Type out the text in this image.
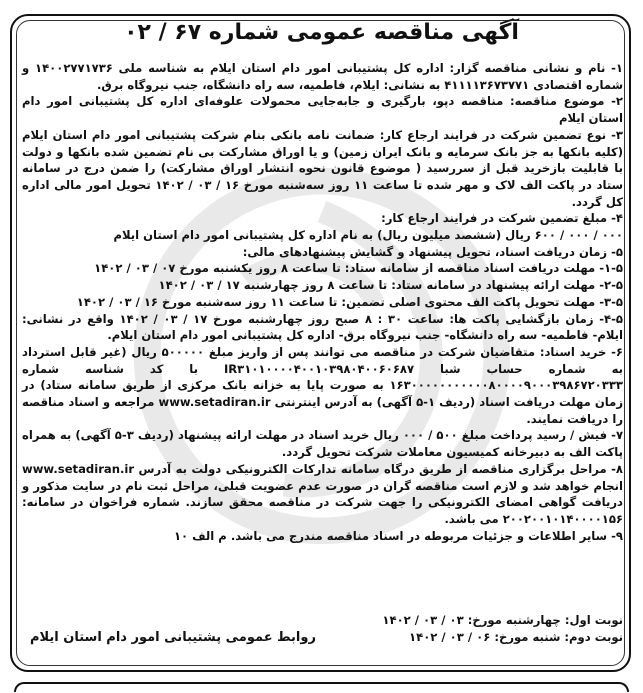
آگهی مناقصه عمومی شماره ۶۷ / ۰۲

۱- نام و نشانی مناقصه گزار: اداره کل پشتیبانی امور دام استان ایلام به شناسه ملی ۱۴۰۰۲۷۷۱۷۳۶ و شماره اقتصادی ۴۱۱۱۱۳۶۷۳۷۷۱ به نشانی: ایلام، فاطمیه، سه راه دانشگاه، جنب نیروگاه برق.

۲- موضوع مناقصه: مناقصه دپو، بارگیری و جابه‌جایی محمولات علوفه‌ای اداره کل پشتیبانی امور دام استان ایلام

۳- نوع تضمین شرکت در فرایند ارجاع کار: ضمانت نامه بانکی بنام شرکت پشتیبانی امور دام استان ایلام (کلیه بانکها به جز بانک سرمایه و بانک ایران زمین) و یا اوراق مشارکت بی نام تضمین شده بانکها و دولت با قابلیت بازخرید قبل از سررسید ( موضوع قانون نحوه انتشار اوراق مشارکت) را ضمن درج در سامانه ستاد در پاکت الف لاک و مهر شده تا ساعت ۱۱ روز سه‌شنبه مورخ ۱۶ / ۰۳ / ۱۴۰۲ تحویل امور مالی اداره کل گردد.

۴- مبلغ تضمین شرکت در فرایند ارجاع کار:

۰۰۰ / ۰۰۰ / ۶۰۰ ریال (ششصد میلیون ریال) به نام اداره کل پشتیبانی امور دام استان ایلام

۵- زمان دریافت اسناد، تحویل پیشنهاد و گشایش پیشنهادهای مالی:

۱-۵- مهلت دریافت اسناد مناقصه از سامانه ستاد: تا ساعت ۸ روز یکشنبه مورخ ۰۷ / ۰۳ / ۱۴۰۲

۲-۵- مهلت ارائه پیشنهاد در سامانه ستاد: تا ساعت ۸ روز چهارشنبه ۱۷ / ۰۳ / ۱۴۰۲

۳-۵- مهلت تحویل پاکت الف محتوی اصلی تضمین: تا ساعت ۱۱ روز سه‌شنبه مورخ ۱۶ / ۰۳ / ۱۴۰۲

۴-۵- زمان بازگشایی پاکت ها: ساعت ۳۰ : ۸ صبح روز چهارشنبه مورخ ۱۷ / ۰۳ / ۱۴۰۲ واقع در نشانی: ایلام- فاطمیه- سه راه دانشگاه- جنب نیروگاه برق- اداره کل پشتیبانی امور دام استان ایلام.

۶- خرید اسناد: متقاضیان شرکت در مناقصه می توانند پس از واریز مبلغ ۵۰۰۰۰۰ ریال (غیر قابل استرداد به شماره حساب شبا IR۳۱۰۱۰۰۰۰۴۰۰۱۰۳۹۸۰۴۰۰۶۰۶۸۷ با کد شناسه شماره ۱۶۳۰۰۰۰۰۰۰۰۰۰۰۸۰۰۰۰۹۰۰۰۳۹۸۶۷۲۰۳۳۳ به صورت پایا به خزانه بانک مرکزی از طریق سامانه ستاد) در زمان مهلت دریافت اسناد (ردیف ۱-۵ آگهی) به آدرس اینترنتی www.setadiran.ir مراجعه و اسناد مناقصه را دریافت نمایند.

۷- فیش / رسید پرداخت مبلغ ۵۰۰ / ۰۰۰ ریال خرید اسناد در مهلت ارائه پیشنهاد (ردیف ۳-۵ آگهی) به همراه پاکت الف به دبیرخانه کمیسیون معاملات شرکت تحویل گردد.

۸- مراحل برگزاری مناقصه از طریق درگاه سامانه تدارکات الکترونیکی دولت به آدرس www.setadiran.ir انجام خواهد شد و لازم است مناقصه گران در صورت عدم عضویت قبلی، مراحل ثبت نام در سایت مذکور و دریافت گواهی امضای الکترونیکی را جهت شرکت در مناقصه محقق سازند. شماره فراخوان در سامانه: ۲۰۰۲۰۰۱۰۱۴۰۰۰۰۱۵۶ می باشد.

۹- سایر اطلاعات و جزئیات مربوطه در اسناد مناقصه مندرج می باشد. م الف ۱۰

نوبت اول: چهارشنبه مورخ: ۰۳ / ۰۳ / ۱۴۰۲
نوبت دوم: شنبه مورخ: ۰۶ / ۰۳ / ۱۴۰۲
روابط عمومی پشتیبانی امور دام استان ایلام
